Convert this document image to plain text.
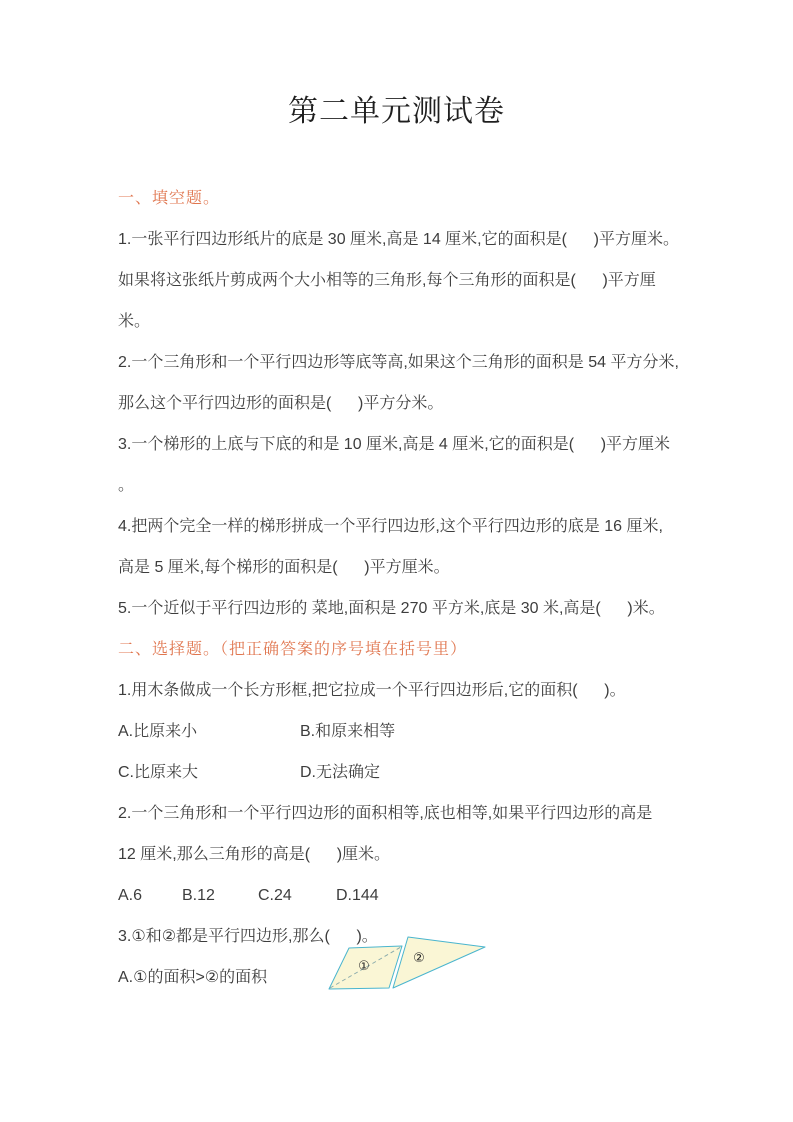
第二单元测试卷
一、填空题。
1.一张平行四边形纸片的底是 30 厘米,高是 14 厘米,它的面积是(      )平方厘米。
如果将这张纸片剪成两个大小相等的三角形,每个三角形的面积是(      )平方厘
米。
2.一个三角形和一个平行四边形等底等高,如果这个三角形的面积是 54 平方分米,
那么这个平行四边形的面积是(      )平方分米。
3.一个梯形的上底与下底的和是 10 厘米,高是 4 厘米,它的面积是(      )平方厘米
。
4.把两个完全一样的梯形拼成一个平行四边形,这个平行四边形的底是 16 厘米,
高是 5 厘米,每个梯形的面积是(      )平方厘米。
5.一个近似于平行四边形的 菜地,面积是 270 平方米,底是 30 米,高是(      )米。
二、选择题。（把正确答案的序号填在括号里）
1.用木条做成一个长方形框,把它拉成一个平行四边形后,它的面积(      )。
A.比原来小	B.和原来相等
C.比原来大	D.无法确定
2.一个三角形和一个平行四边形的面积相等,底也相等,如果平行四边形的高是
12 厘米,那么三角形的高是(      )厘米。
A.6 B.12	C.24	D.144
3.①和②都是平行四边形,那么(      )。
A.①的面积>②的面积
①
②
